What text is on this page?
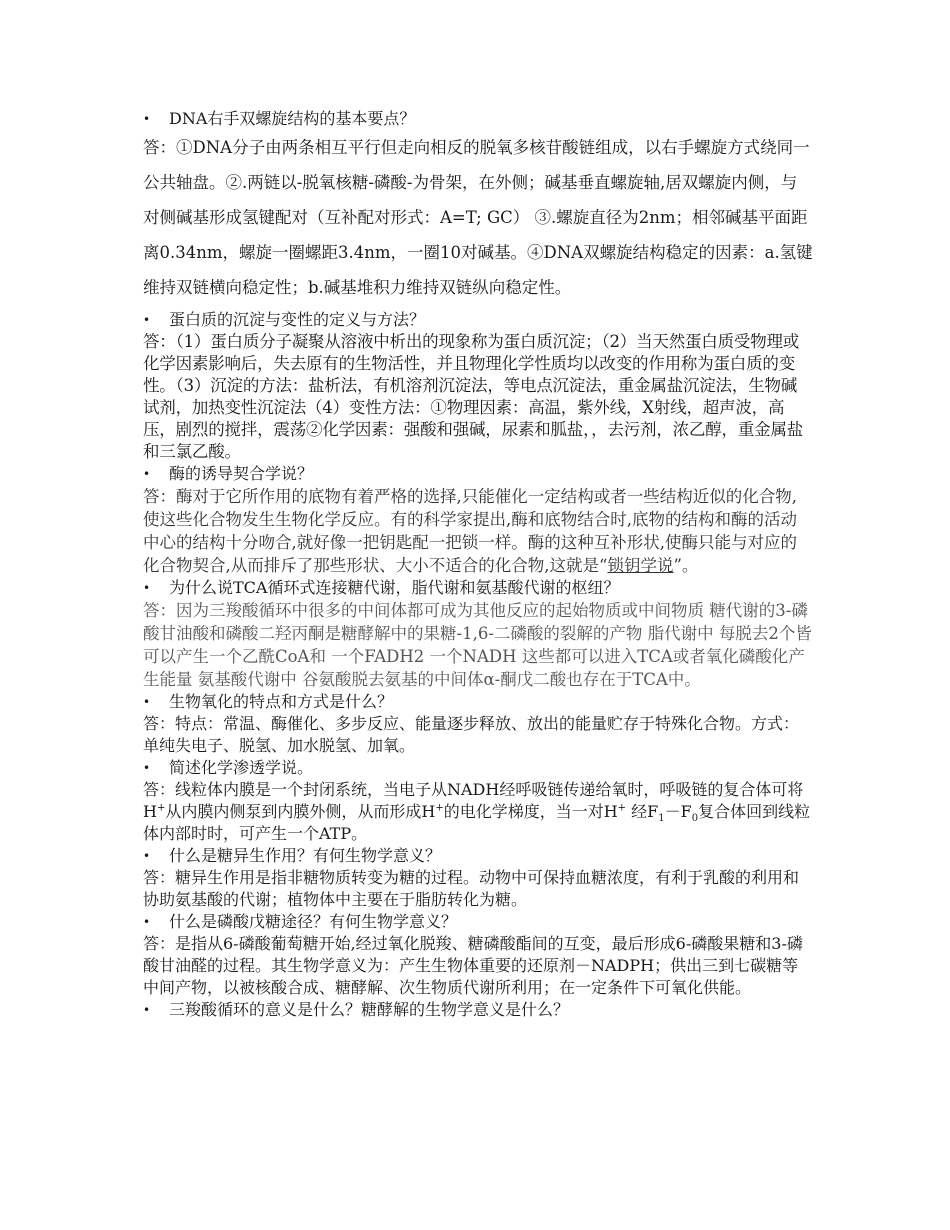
•	DNA右手双螺旋结构的基本要点？

答：①DNA分子由两条相互平行但走向相反的脱氧多核苷酸链组成，以右手螺旋方式绕同一公共轴盘。②.两链以-脱氧核糖-磷酸-为骨架，在外侧；碱基垂直螺旋轴,居双螺旋内侧，与对侧碱基形成氢键配对（互补配对形式：A=T; GC） ③.螺旋直径为2nm；相邻碱基平面距离0.34nm，螺旋一圈螺距3.4nm，一圈10对碱基。④DNA双螺旋结构稳定的因素：a.氢键维持双链横向稳定性；b.碱基堆积力维持双链纵向稳定性。

•	蛋白质的沉淀与变性的定义与方法？

答：（1）蛋白质分子凝聚从溶液中析出的现象称为蛋白质沉淀；（2）当天然蛋白质受物理或化学因素影响后，失去原有的生物活性，并且物理化学性质均以改变的作用称为蛋白质的变性。（3）沉淀的方法：盐析法，有机溶剂沉淀法，等电点沉淀法，重金属盐沉淀法，生物碱试剂，加热变性沉淀法（4）变性方法：①物理因素：高温，紫外线，X射线，超声波，高压，剧烈的搅拌，震荡②化学因素：强酸和强碱，尿素和胍盐，，去污剂，浓乙醇，重金属盐和三氯乙酸。

•	酶的诱导契合学说？

答：酶对于它所作用的底物有着严格的选择,只能催化一定结构或者一些结构近似的化合物,使这些化合物发生生物化学反应。有的科学家提出,酶和底物结合时,底物的结构和酶的活动中心的结构十分吻合,就好像一把钥匙配一把锁一样。酶的这种互补形状,使酶只能与对应的化合物契合,从而排斥了那些形状、大小不适合的化合物,这就是“锁钥学说”。

•	为什么说TCA循环式连接糖代谢，脂代谢和氨基酸代谢的枢纽？

答：因为三羧酸循环中很多的中间体都可成为其他反应的起始物质或中间物质 糖代谢的3-磷酸甘油酸和磷酸二羟丙酮是糖酵解中的果糖-1,6-二磷酸的裂解的产物 脂代谢中 每脱去2个皆可以产生一个乙酰CoA和 一个FADH2 一个NADH 这些都可以进入TCA或者氧化磷酸化产生能量 氨基酸代谢中 谷氨酸脱去氨基的中间体α-酮戊二酸也存在于TCA中。

•	生物氧化的特点和方式是什么？

答：特点：常温、酶催化、多步反应、能量逐步释放、放出的能量贮存于特殊化合物。方式：单纯失电子、脱氢、加水脱氢、加氧。

•	简述化学渗透学说。

答：线粒体内膜是一个封闭系统，当电子从NADH经呼吸链传递给氧时，呼吸链的复合体可将H+从内膜内侧泵到内膜外侧，从而形成H+的电化学梯度，当一对H+ 经$F_1-F_0$复合体回到线粒体内部时时，可产生一个ATP。

•	什么是糖异生作用？有何生物学意义？

答：糖异生作用是指非糖物质转变为糖的过程。动物中可保持血糖浓度，有利于乳酸的利用和协助氨基酸的代谢；植物体中主要在于脂肪转化为糖。

•	什么是磷酸戊糖途径？有何生物学意义？

答：是指从6-磷酸葡萄糖开始,经过氧化脱羧、糖磷酸酯间的互变，最后形成6-磷酸果糖和3-磷酸甘油醛的过程。其生物学意义为：产生生物体重要的还原剂－NADPH；供出三到七碳糖等中间产物，以被核酸合成、糖酵解、次生物质代谢所利用；在一定条件下可氧化供能。

•	三羧酸循环的意义是什么？糖酵解的生物学意义是什么？
